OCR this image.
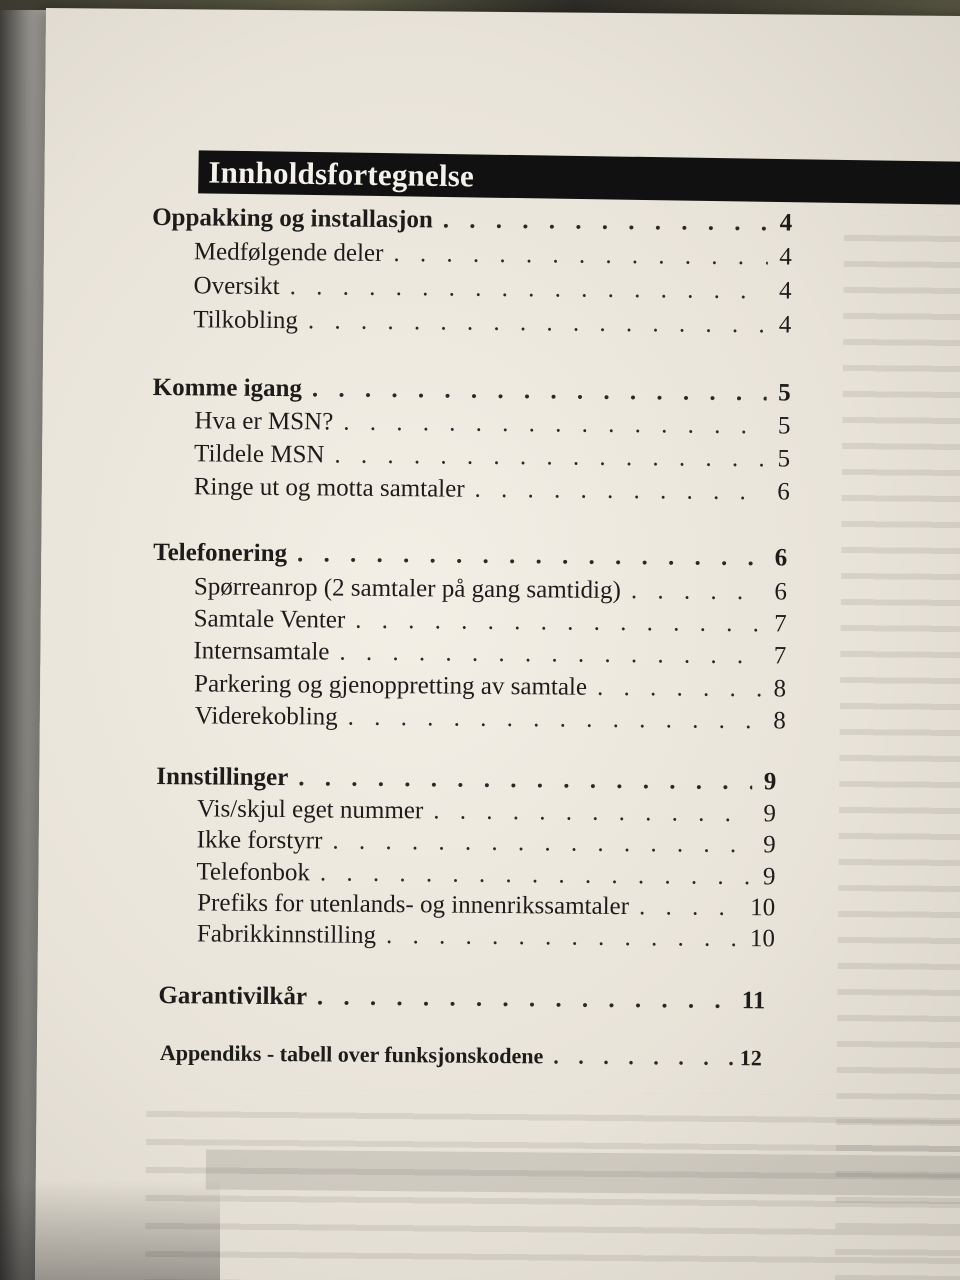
Innholdsfortegnelse
Oppakking og installasjon . . .	4
Medfølgende deler . . .	4
Oversikt . . .	4
Tilkobling . . .	4
Komme igang . . .	5
Hva er MSN? . . .	5
Tildele MSN . . .	5
Ringe ut og motta samtaler . . .	6
Telefonering . . .	6
Spørreanrop (2 samtaler på gang samtidig) . . .	6
Samtale Venter . . .	7
Internsamtale . . .	7
Parkering og gjenoppretting av samtale . . .	8
Viderekobling . . .	8
Innstillinger . . .	9
Vis/skjul eget nummer . . .	9
Ikke forstyrr . . .	9
Telefonbok . . .	9
Prefiks for utenlands- og innenrikssamtaler . . .	10
Fabrikkinnstilling . . .	10
Garantivilkår . . .	11
Appendiks - tabell over funksjonskodene . . .	12
